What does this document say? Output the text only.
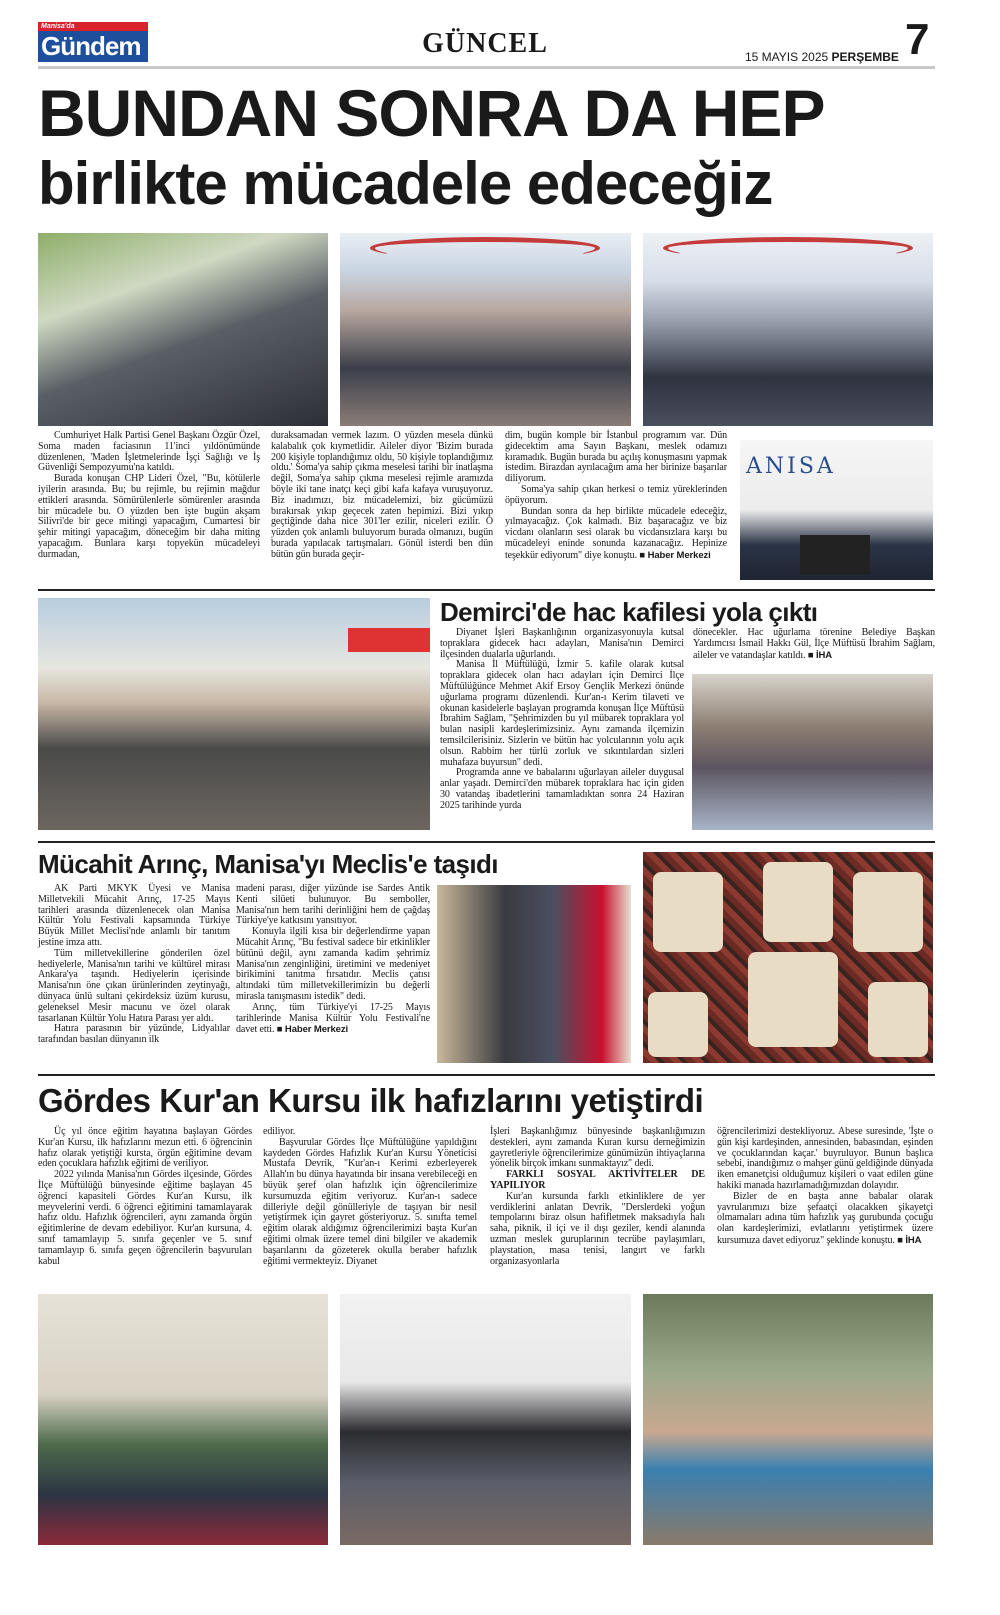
Manisa'da
Gündem	GÜNCEL	15 MAYIS 2025 PERŞEMBE 7
BUNDAN SONRA DA HEP
birlikte mücadele edeceğiz

Cumhuriyet Halk Partisi Genel Başkanı Özgür Özel, Soma maden faciasının 11'inci yıldönümünde düzenlenen, 'Maden İşletmelerinde İşçi Sağlığı ve İş Güvenliği Sempozyumu'na katıldı.

Burada konuşan CHP Lideri Özel, "Bu, kötülerle iyilerin arasında. Bu; bu rejimle, bu rejimin mağdur ettikleri arasında. Sömürülenlerle sömürenler arasında bir mücadele bu. O yüzden ben işte bugün akşam Silivri'de bir gece mitingi yapacağım, Cumartesi bir şehir mitingi yapacağım, döneceğim bir daha miting yapacağım. Bunlara karşı topyekün mücadeleyi durmadan,

duraksamadan vermek lazım. O yüzden mesela dünkü kalabalık çok kıymetlidir. Aileler diyor 'Bizim burada 200 kişiyle toplandığımız oldu, 50 kişiyle toplandığımız oldu.' Soma'ya sahip çıkma meselesi tarihi bir inatlaşma değil, Soma'ya sahip çıkma meselesi rejimle aramızda böyle iki tane inatçı keçi gibi kafa kafaya vuruşuyoruz. Biz inadımızı, biz mücadelemizi, biz gücümüzü bırakırsak yıkıp geçecek zaten hepimizi. Bizi yıkıp geçtiğinde daha nice 301'ler ezilir, niceleri ezilir. O yüzden çok anlamlı buluyorum burada olmanızı, bugün burada yapılacak tartışmaları. Gönül isterdi ben dün bütün gün burada geçir-

dim, bugün komple bir İstanbul programım var. Dün gidecektim ama Sayın Başkanı, meslek odamızı kıramadık. Bugün burada bu açılış konuşmasını yapmak istedim. Birazdan ayrılacağım ama her birinize başarılar diliyorum.

Soma'ya sahip çıkan herkesi o temiz yüreklerinden öpüyorum.

Bundan sonra da hep birlikte mücadele edeceğiz, yılmayacağız. Çok kalmadı. Biz başaracağız ve biz vicdanı olanların sesi olarak bu vicdansızlara karşı bu mücadeleyi eninde sonunda kazanacağız. Hepinize teşekkür ediyorum" diye konuştu. ■ Haber Merkezi

ANISA
Demirci'de hac kafilesi yola çıktı

Diyanet İşleri Başkanlığının organizasyonuyla kutsal topraklara gidecek hacı adayları, Manisa'nın Demirci ilçesinden dualarla uğurlandı.

Manisa İl Müftülüğü, İzmir 5. kafile olarak kutsal topraklara gidecek olan hacı adayları için Demirci İlçe Müftülüğünce Mehmet Akif Ersoy Gençlik Merkezi önünde uğurlama programı düzenlendi. Kur'an-ı Kerim tilaveti ve okunan kasidelerle başlayan programda konuşan İlçe Müftüsü İbrahim Sağlam, "Şehrimizden bu yıl mübarek topraklara yol bulan nasipli kardeşlerimizsiniz. Aynı zamanda ilçemizin temsilcilerisiniz. Sizlerin ve bütün hac yolcularının yolu açık olsun. Rabbim her türlü zorluk ve sıkıntılardan sizleri muhafaza buyursun" dedi.

Programda anne ve babalarını uğurlayan aileler duygusal anlar yaşadı. Demirci'den mübarek topraklara hac için giden 30 vatandaş ibadetlerini tamamladıktan sonra 24 Haziran 2025 tarihinde yurda

dönecekler. Hac uğurlama törenine Belediye Başkan Yardımcısı İsmail Hakkı Gül, İlçe Müftüsü İbrahim Sağlam, aileler ve vatandaşlar katıldı. ■ İHA

Mücahit Arınç, Manisa'yı Meclis'e taşıdı

AK Parti MKYK Üyesi ve Manisa Milletvekili Mücahit Arınç, 17-25 Mayıs tarihleri arasında düzenlenecek olan Manisa Kültür Yolu Festivali kapsamında Türkiye Büyük Millet Meclisi'nde anlamlı bir tanıtım jestine imza attı.

Tüm milletvekillerine gönderilen özel hediyelerle, Manisa'nın tarihi ve kültürel mirası Ankara'ya taşındı. Hediyelerin içerisinde Manisa'nın öne çıkan ürünlerinden zeytinyağı, dünyaca ünlü sultani çekirdeksiz üzüm kurusu, geleneksel Mesir macunu ve özel olarak tasarlanan Kültür Yolu Hatıra Parası yer aldı.

Hatıra parasının bir yüzünde, Lidyalılar tarafından basılan dünyanın ilk

madeni parası, diğer yüzünde ise Sardes Antik Kenti silüeti bulunuyor. Bu semboller, Manisa'nın hem tarihi derinliğini hem de çağdaş Türkiye'ye katkısını yansıtıyor.

Konuyla ilgili kısa bir değerlendirme yapan Mücahit Arınç, "Bu festival sadece bir etkinlikler bütünü değil, aynı zamanda kadim şehrimiz Manisa'nın zenginliğini, üretimini ve medeniyet birikimini tanıtma fırsatıdır. Meclis çatısı altındaki tüm milletvekillerimizin bu değerli mirasla tanışmasını istedik" dedi.

Arınç, tüm Türkiye'yi 17-25 Mayıs tarihlerinde Manisa Kültür Yolu Festivali'ne davet etti. ■ Haber Merkezi

Gördes Kur'an Kursu ilk hafızlarını yetiştirdi

Üç yıl önce eğitim hayatına başlayan Gördes Kur'an Kursu, ilk hafızlarını mezun etti. 6 öğrencinin hafız olarak yetiştiği kursta, örgün eğitimine devam eden çocuklara hafızlık eğitimi de veriliyor.

2022 yılında Manisa'nın Gördes ilçesinde, Gördes İlçe Müftülüğü bünyesinde eğitime başlayan 45 öğrenci kapasiteli Gördes Kur'an Kursu, ilk meyvelerini verdi. 6 öğrenci eğitimini tamamlayarak hafız oldu. Hafızlık öğrencileri, aynı zamanda örgün eğitimlerine de devam edebiliyor. Kur'an kursuna, 4. sınıf tamamlayıp 5. sınıfa geçenler ve 5. sınıf tamamlayıp 6. sınıfa geçen öğrencilerin başvuruları kabul

ediliyor.

Başvurular Gördes İlçe Müftülüğüne yapıldığını kaydeden Gördes Hafızlık Kur'an Kursu Yöneticisi Mustafa Devrik, "Kur'an-ı Kerimi ezberleyerek Allah'ın bu dünya hayatında bir insana verebileceği en büyük şeref olan hafızlık için öğrencilerimize kursumuzda eğitim veriyoruz. Kur'an-ı sadece dilleriyle değil gönülleriyle de taşıyan bir nesil yetiştirmek için gayret gösteriyoruz. 5. sınıfta temel eğitim olarak aldığımız öğrencilerimizi başta Kur'an eğitimi olmak üzere temel dini bilgiler ve akademik başarılarını da gözeterek okulla beraber hafızlık eğitimi vermekteyiz. Diyanet

İşleri Başkanlığımız bünyesinde başkanlığımızın destekleri, aynı zamanda Kuran kursu derneğimizin gayretleriyle öğrencilerimize günümüzün ihtiyaçlarına yönelik birçok imkanı sunmaktayız" dedi.

FARKLI SOSYAL AKTİVİTELER DE YAPILIYOR

Kur'an kursunda farklı etkinliklere de yer verdiklerini anlatan Devrik, "Derslerdeki yoğun tempolarını biraz olsun hafifletmek maksadıyla halı saha, piknik, il içi ve il dışı geziler, kendi alanında uzman meslek guruplarının tecrübe paylaşımları, playstation, masa tenisi, langırt ve farklı organizasyonlarla

öğrencilerimizi destekliyoruz. Abese suresinde, 'İşte o gün kişi kardeşinden, annesinden, babasından, eşinden ve çocuklarından kaçar.' buyruluyor. Bunun başlıca sebebi, inandığımız o mahşer günü geldiğinde dünyada iken emanetçisi olduğumuz kişileri o vaat edilen güne hakiki manada hazırlamadığımızdan dolayıdır.

Bizler de en başta anne babalar olarak yavrularımızı bize şefaatçi olacakken şikayetçi olmamaları adına tüm hafızlık yaş gurubunda çocuğu olan kardeşlerimizi, evlatlarını yetiştirmek üzere kursumuza davet ediyoruz" şeklinde konuştu. ■ İHA
